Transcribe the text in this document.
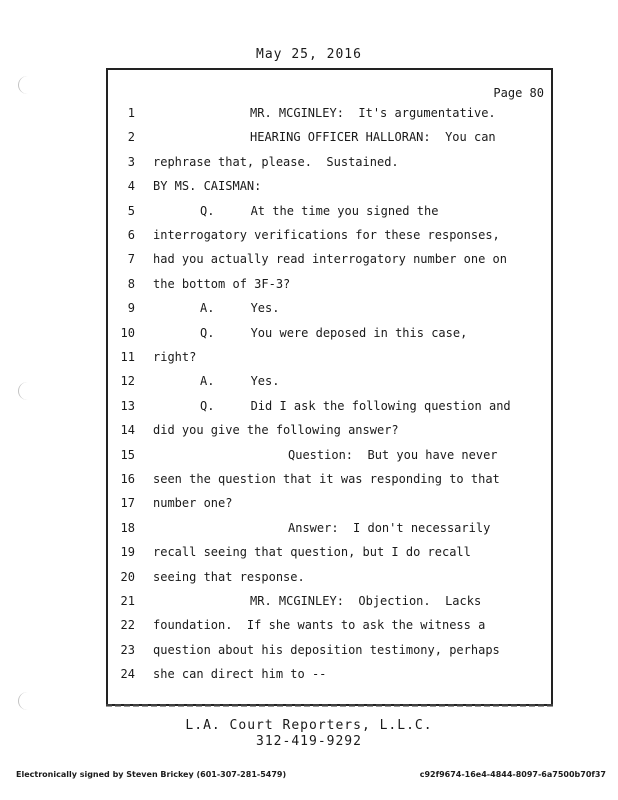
May 25, 2016
Page 80
1	MR. MCGINLEY:  It's argumentative.
2	HEARING OFFICER HALLORAN:  You can
3 rephrase that, please.  Sustained.
4 BY MS. CAISMAN:
5	Q.     At the time you signed the
6 interrogatory verifications for these responses,
7 had you actually read interrogatory number one on
8 the bottom of 3F-3?
9	A.     Yes.
10	Q.     You were deposed in this case,
11 right?
12	A.     Yes.
13	Q.     Did I ask the following question and
14 did you give the following answer?
15	Question:  But you have never
16 seen the question that it was responding to that
17 number one?
18	Answer:  I don't necessarily
19 recall seeing that question, but I do recall
20 seeing that response.
21	MR. MCGINLEY:  Objection.  Lacks
22 foundation.  If she wants to ask the witness a
23 question about his deposition testimony, perhaps
24 she can direct him to --
L.A. Court Reporters, L.L.C.
312-419-9292
Electronically signed by Steven Brickey (601-307-281-5479)	c92f9674-16e4-4844-8097-6a7500b70f37
